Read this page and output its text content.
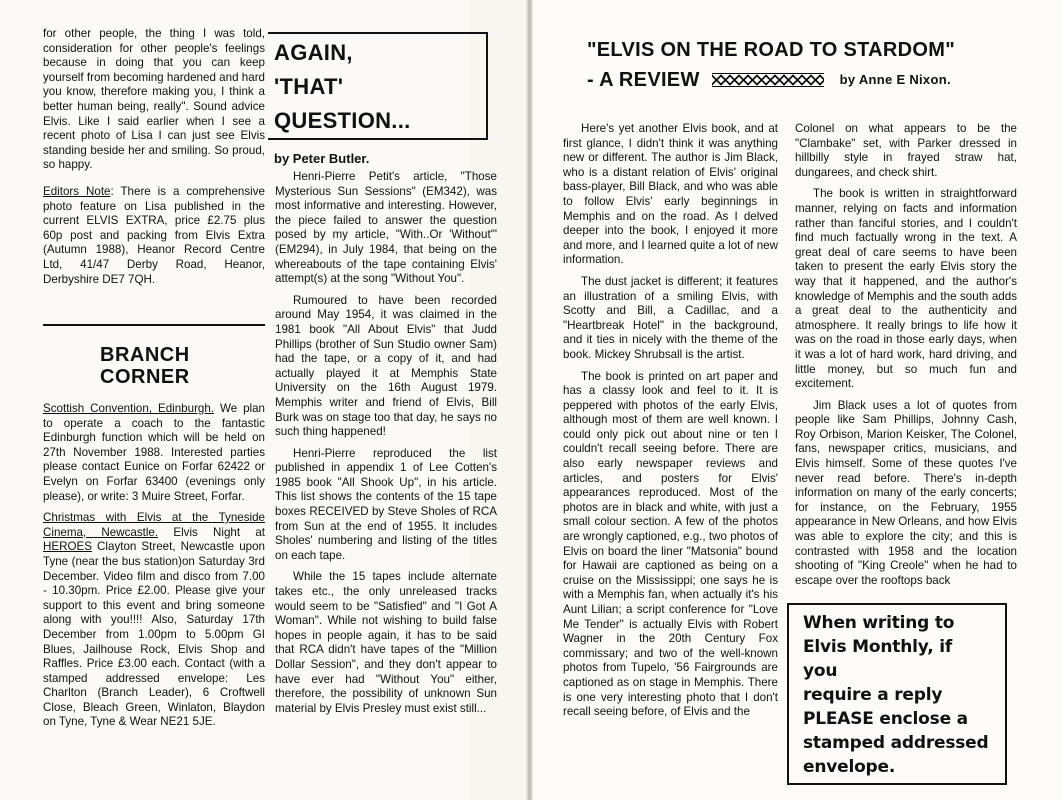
for other people, the thing I was told, consideration for other people's feelings because in doing that you can keep yourself from becoming hardened and hard you know, therefore making you, I think a better human being, really". Sound advice Elvis. Like I said earlier when I see a recent photo of Lisa I can just see Elvis standing beside her and smiling. So proud, so happy.

Editors Note: There is a comprehensive photo feature on Lisa published in the current ELVIS EXTRA, price £2.75 plus 60p post and packing from Elvis Extra (Autumn 1988), Heanor Record Centre Ltd, 41/47 Derby Road, Heanor, Derbyshire DE7 7QH.

BRANCH
CORNER

Scottish Convention, Edinburgh. We plan to operate a coach to the fantastic Edinburgh function which will be held on 27th November 1988. Interested parties please contact Eunice on Forfar 62422 or Evelyn on Forfar 63400 (evenings only please), or write: 3 Muire Street, Forfar.

Christmas with Elvis at the Tyneside Cinema, Newcastle. Elvis Night at HEROES Clayton Street, Newcastle upon Tyne (near the bus station)on Saturday 3rd December. Video film and disco from 7.00 - 10.30pm. Price £2.00. Please give your support to this event and bring someone along with you!!!! Also, Saturday 17th December from 1.00pm to 5.00pm GI Blues, Jailhouse Rock, Elvis Shop and Raffles. Price £3.00 each. Contact (with a stamped addressed envelope: Les Charlton (Branch Leader), 6 Croftwell Close, Bleach Green, Winlaton, Blaydon on Tyne, Tyne & Wear NE21 5JE.

AGAIN,
'THAT'
QUESTION...
by Peter Butler.

Henri-Pierre Petit's article, "Those Mysterious Sun Sessions" (EM342), was most informative and interesting. However, the piece failed to answer the question posed by my article, "With..Or 'Without'" (EM294), in July 1984, that being on the whereabouts of the tape containing Elvis' attempt(s) at the song "Without You".

Rumoured to have been recorded around May 1954, it was claimed in the 1981 book "All About Elvis" that Judd Phillips (brother of Sun Studio owner Sam) had the tape, or a copy of it, and had actually played it at Memphis State University on the 16th August 1979. Memphis writer and friend of Elvis, Bill Burk was on stage too that day, he says no such thing happened!

Henri-Pierre reproduced the list published in appendix 1 of Lee Cotten's 1985 book "All Shook Up", in his article. This list shows the contents of the 15 tape boxes RECEIVED by Steve Sholes of RCA from Sun at the end of 1955. It includes Sholes' numbering and listing of the titles on each tape.

While the 15 tapes include alternate takes etc., the only unreleased tracks would seem to be "Satisfied" and "I Got A Woman". While not wishing to build false hopes in people again, it has to be said that RCA didn't have tapes of the "Million Dollar Session", and they don't appear to have ever had "Without You" either, therefore, the possibility of unknown Sun material by Elvis Presley must exist still...

"ELVIS ON THE ROAD TO STARDOM"
- A REVIEW	by Anne E Nixon.

Here's yet another Elvis book, and at first glance, I didn't think it was anything new or different. The author is Jim Black, who is a distant relation of Elvis' original bass-player, Bill Black, and who was able to follow Elvis' early beginnings in Memphis and on the road. As I delved deeper into the book, I enjoyed it more and more, and I learned quite a lot of new information.

The dust jacket is different; it features an illustration of a smiling Elvis, with Scotty and Bill, a Cadillac, and a "Heartbreak Hotel" in the background, and it ties in nicely with the theme of the book. Mickey Shrubsall is the artist.

The book is printed on art paper and has a classy look and feel to it. It is peppered with photos of the early Elvis, although most of them are well known. I could only pick out about nine or ten I couldn't recall seeing before. There are also early newspaper reviews and articles, and posters for Elvis' appearances reproduced. Most of the photos are in black and white, with just a small colour section. A few of the photos are wrongly captioned, e.g., two photos of Elvis on board the liner "Matsonia" bound for Hawaii are captioned as being on a cruise on the Mississippi; one says he is with a Memphis fan, when actually it's his Aunt Lilian; a script conference for "Love Me Tender" is actually Elvis with Robert Wagner in the 20th Century Fox commissary; and two of the well-known photos from Tupelo, '56 Fairgrounds are captioned as on stage in Memphis. There is one very interesting photo that I don't recall seeing before, of Elvis and the

Colonel on what appears to be the "Clambake" set, with Parker dressed in hillbilly style in frayed straw hat, dungarees, and check shirt.

The book is written in straightforward manner, relying on facts and information rather than fanciful stories, and I couldn't find much factually wrong in the text. A great deal of care seems to have been taken to present the early Elvis story the way that it happened, and the author's knowledge of Memphis and the south adds a great deal to the authenticity and atmosphere. It really brings to life how it was on the road in those early days, when it was a lot of hard work, hard driving, and little money, but so much fun and excitement.

Jim Black uses a lot of quotes from people like Sam Phillips, Johnny Cash, Roy Orbison, Marion Keisker, The Colonel, fans, newspaper critics, musicians, and Elvis himself. Some of these quotes I've never read before. There's in-depth information on many of the early concerts; for instance, on the February, 1955 appearance in New Orleans, and how Elvis was able to explore the city; and this is contrasted with 1958 and the location shooting of "King Creole" when he had to escape over the rooftops back

When writing to
Elvis Monthly, if you
require a reply
PLEASE enclose a
stamped addressed
envelope.
